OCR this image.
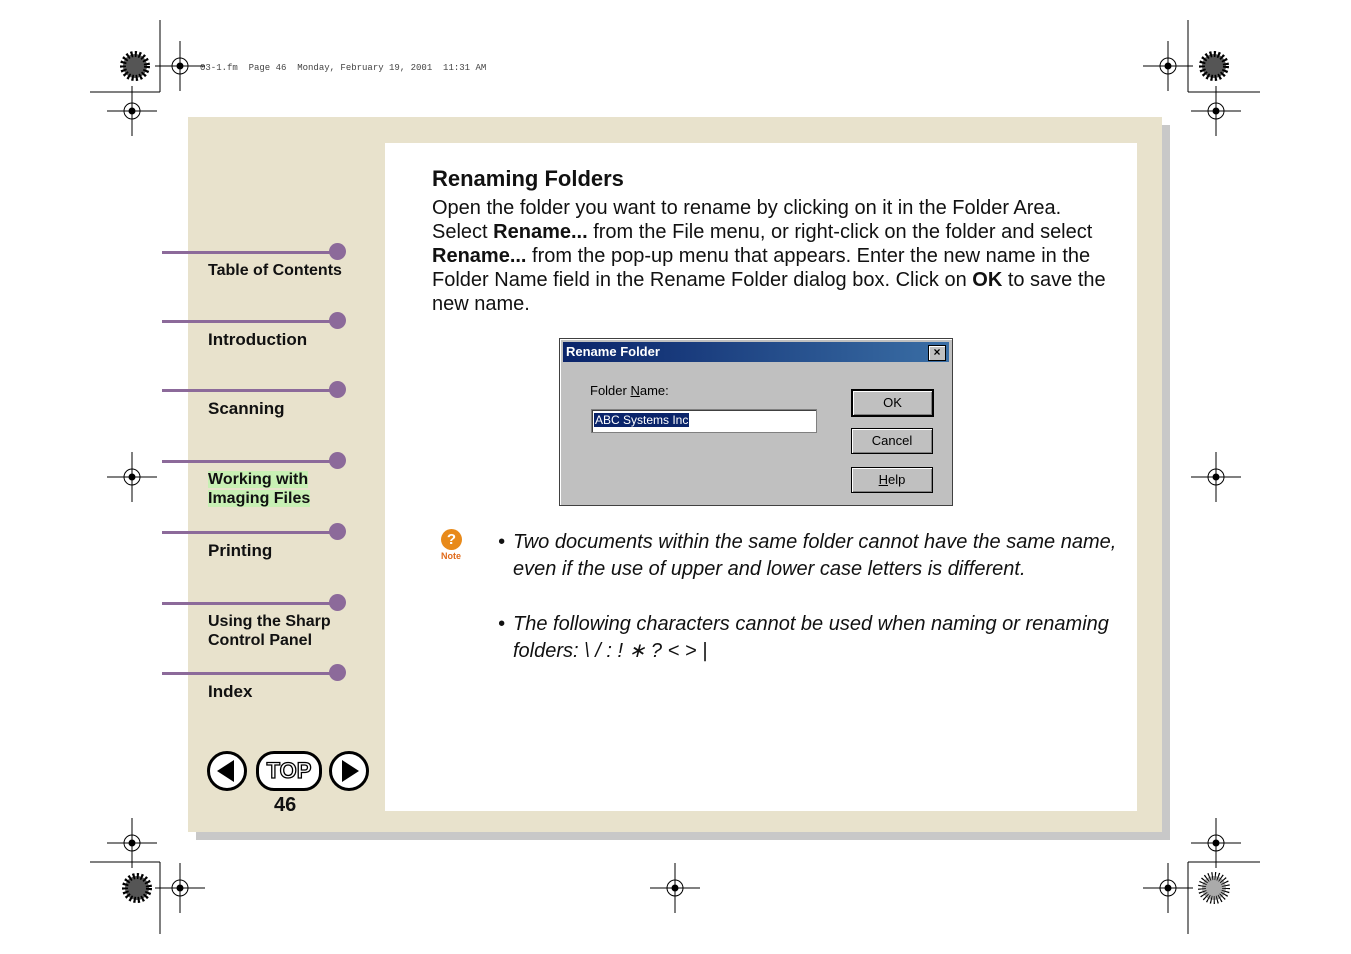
03-1.fm  Page 46  Monday, February 19, 2001  11:31 AM
Table of Contents
Introduction
Scanning
Working with
Imaging Files
Printing
Using the Sharp
Control Panel
Index
TOP
46
Renaming Folders
Open the folder you want to rename by clicking on it in the Folder Area. Select Rename... from the File menu, or right-click on the folder and select Rename... from the pop-up menu that appears. Enter the new name in the Folder Name field in the Rename Folder dialog box. Click on OK to save the new name.
Rename Folder	×
Folder Name:
ABC Systems Inc
OK
Cancel
Help
?
Note
• Two documents within the same folder cannot have the same name, even if the use of upper and lower case letters is different.
• The following characters cannot be used when naming or renaming folders: \ / : ! ∗ ? < > |
